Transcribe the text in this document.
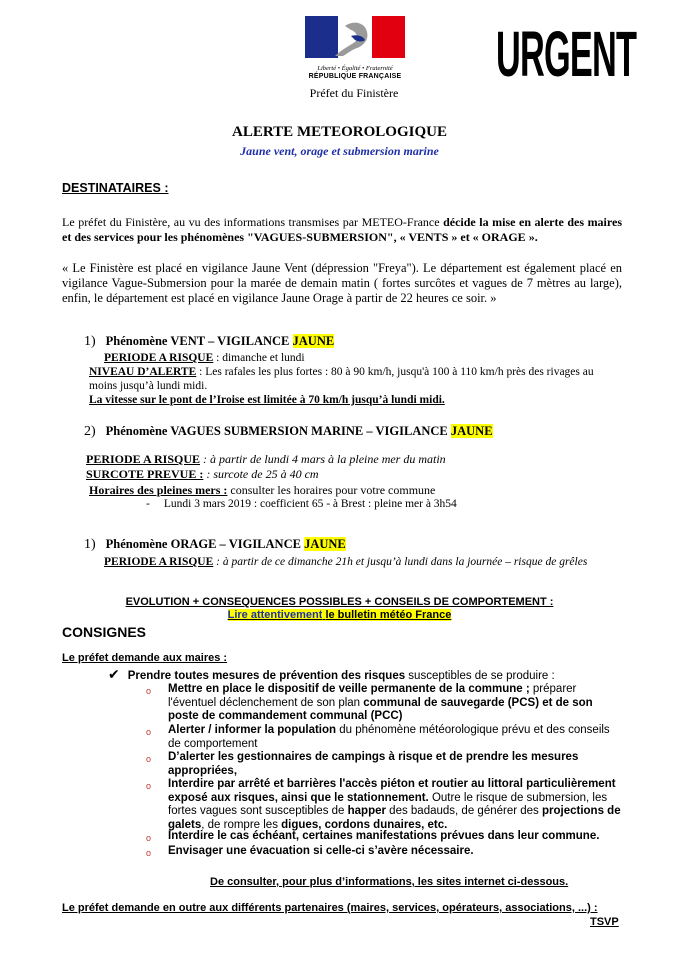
Liberté • Égalité • Fraternité
RÉPUBLIQUE FRANÇAISE
Préfet du Finistère
URGENT
ALERTE METEOROLOGIQUE
Jaune vent, orage et submersion marine
DESTINATAIRES :
Le préfet du Finistère, au vu des informations transmises par METEO-France décide la mise en alerte des maires et des services pour les phénomènes "VAGUES-SUBMERSION", « VENTS » et « ORAGE ».
« Le Finistère est placé en vigilance Jaune Vent (dépression "Freya"). Le département est également placé en vigilance Vague-Submersion pour la marée de demain matin ( fortes surcôtes et vagues de 7 mètres au large), enfin, le département est placé en vigilance Jaune Orage à partir de 22 heures ce soir. »
1) Phénomène VENT – VIGILANCE JAUNE
PERIODE A RISQUE : dimanche et lundi
NIVEAU D’ALERTE : Les rafales les plus fortes : 80 à 90 km/h, jusqu'à 100 à 110 km/h près des rivages au moins jusqu’à lundi midi.
La vitesse sur le pont de l’Iroise est limitée à 70 km/h jusqu’à lundi midi.
2) Phénomène VAGUES SUBMERSION MARINE – VIGILANCE JAUNE
PERIODE A RISQUE : à partir de lundi 4 mars à la pleine mer du matin
SURCOTE PREVUE : : surcote de 25 à 40 cm
Horaires des pleines mers : consulter les horaires pour votre commune
- Lundi 3 mars 2019 : coefficient 65 - à Brest : pleine mer à 3h54
1) Phénomène ORAGE – VIGILANCE JAUNE
PERIODE A RISQUE : à partir de ce dimanche 21h et jusqu’à lundi dans la journée – risque de grêles
EVOLUTION + CONSEQUENCES POSSIBLES + CONSEILS DE COMPORTEMENT :
Lire attentivement le bulletin météo France
CONSIGNES
Le préfet demande aux maires :
✔ Prendre toutes mesures de prévention des risques susceptibles de se produire :
o Mettre en place le dispositif de veille permanente de la commune ; préparer l'éventuel déclenchement de son plan communal de sauvegarde (PCS) et de son poste de commandement communal (PCC)
o Alerter / informer la population du phénomène météorologique prévu et des conseils de comportement
o D’alerter les gestionnaires de campings à risque et de prendre les mesures appropriées,
o Interdire par arrêté et barrières l'accès piéton et routier au littoral particulièrement exposé aux risques, ainsi que le stationnement. Outre le risque de submersion, les fortes vagues sont susceptibles de happer des badauds, de générer des projections de galets, de rompre les digues, cordons dunaires, etc.
o Interdire le cas échéant, certaines manifestations prévues dans leur commune.
o Envisager une évacuation si celle-ci s’avère nécessaire.
De consulter, pour plus d’informations, les sites internet ci-dessous.
Le préfet demande en outre aux différents partenaires (maires, services, opérateurs, associations, ...) :
TSVP
